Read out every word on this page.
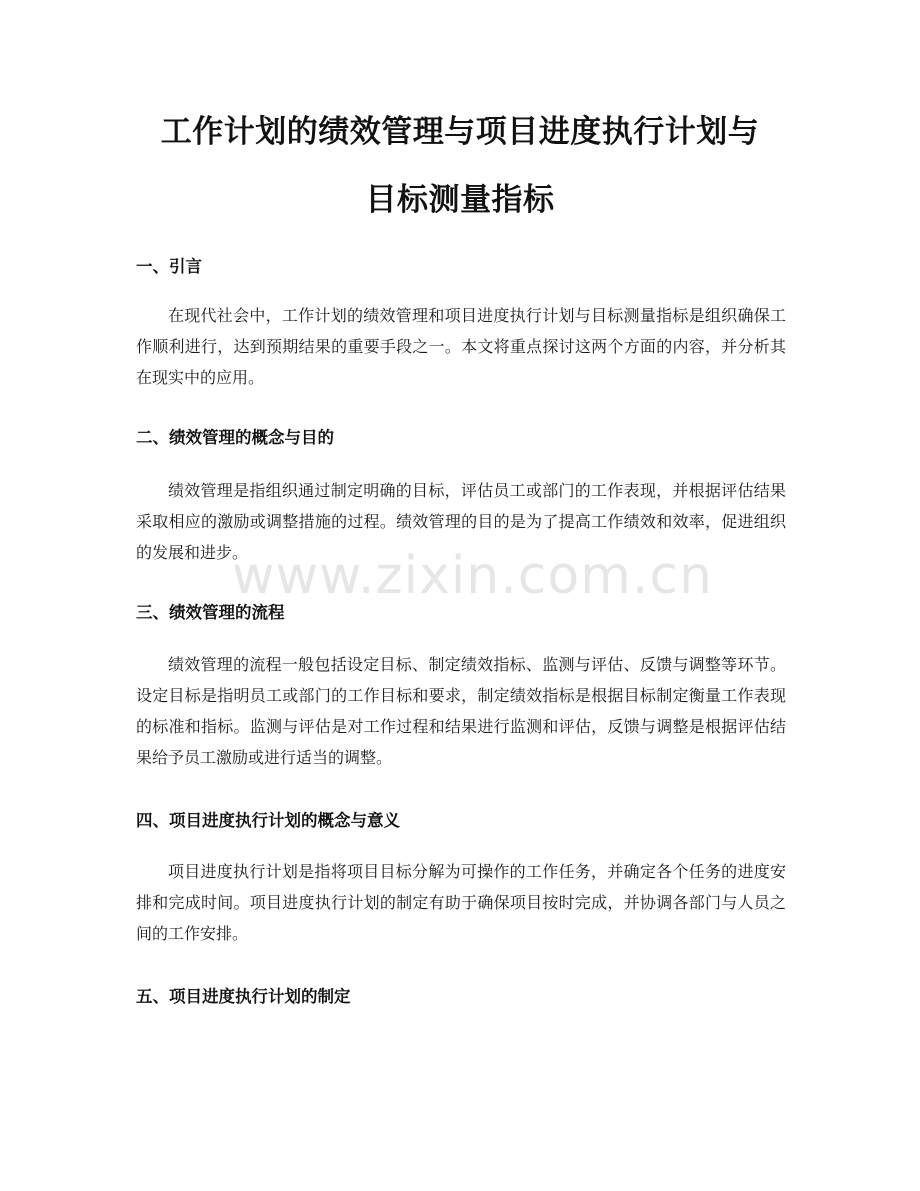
工作计划的绩效管理与项目进度执行计划与
目标测量指标
一、引言

在现代社会中，工作计划的绩效管理和项目进度执行计划与目标测量指标是组织确保工作顺利进行，达到预期结果的重要手段之一。本文将重点探讨这两个方面的内容，并分析其在现实中的应用。

二、绩效管理的概念与目的

绩效管理是指组织通过制定明确的目标，评估员工或部门的工作表现，并根据评估结果采取相应的激励或调整措施的过程。绩效管理的目的是为了提高工作绩效和效率，促进组织的发展和进步。

三、绩效管理的流程

绩效管理的流程一般包括设定目标、制定绩效指标、监测与评估、反馈与调整等环节。设定目标是指明员工或部门的工作目标和要求，制定绩效指标是根据目标制定衡量工作表现的标准和指标。监测与评估是对工作过程和结果进行监测和评估，反馈与调整是根据评估结果给予员工激励或进行适当的调整。

四、项目进度执行计划的概念与意义

项目进度执行计划是指将项目目标分解为可操作的工作任务，并确定各个任务的进度安排和完成时间。项目进度执行计划的制定有助于确保项目按时完成，并协调各部门与人员之间的工作安排。

五、项目进度执行计划的制定
www.zixin.com.cn
